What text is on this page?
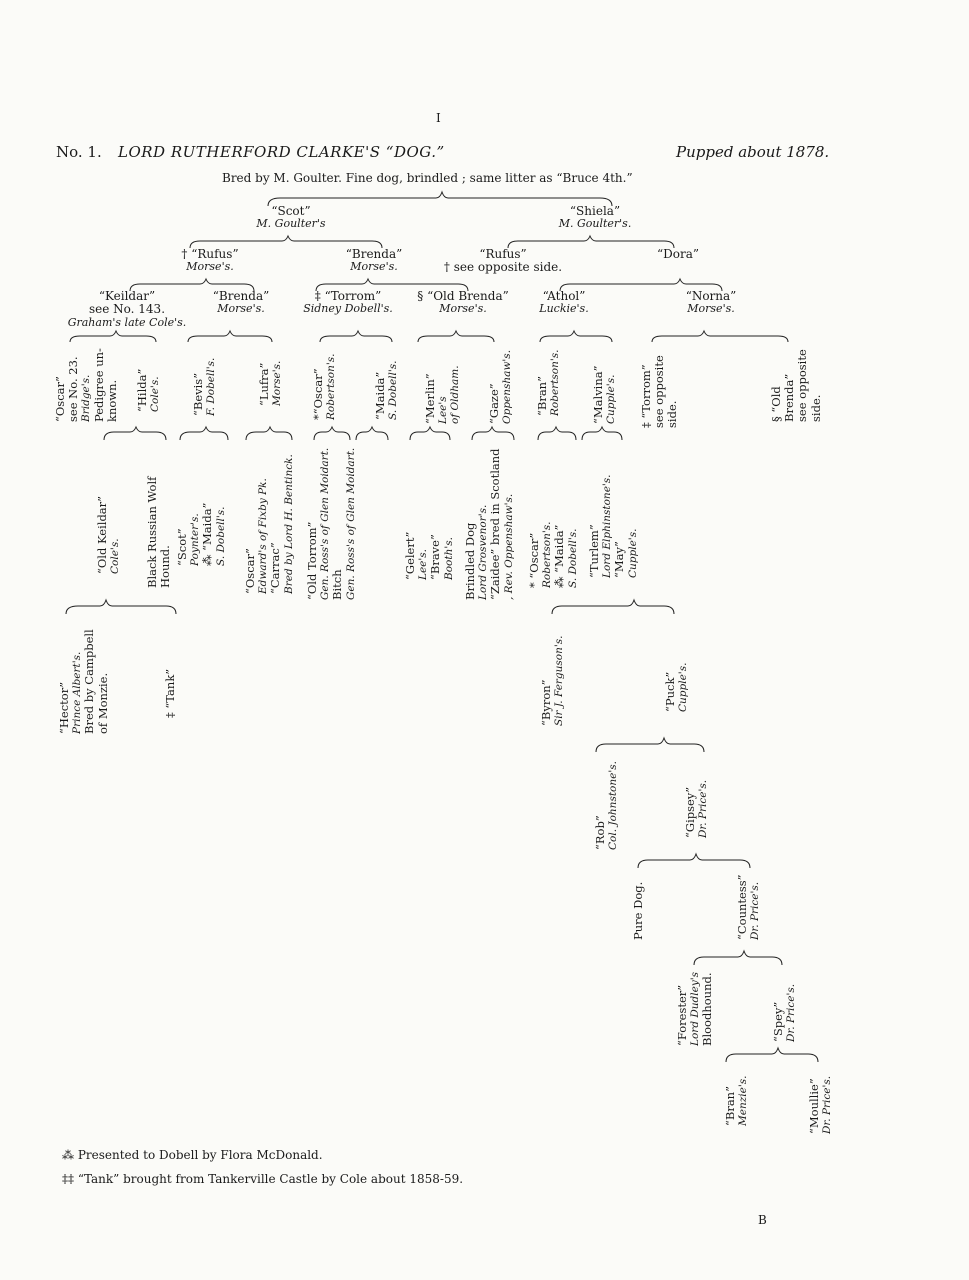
I
No. 1. LORD RUTHERFORD CLARKE'S “DOG.”	Pupped about 1878.
Bred by M. Goulter. Fine dog, brindled ; same litter as “Bruce 4th.”
“Scot”
M. Goulter's
“Shiela”
M. Goulter's.
† “Rufus”
Morse's.
“Brenda”
Morse's.
“Rufus”
† see opposite side.
“Dora”
“Keildar”
see No. 143.
Graham's late Cole's.
“Brenda”
Morse's.
‡ “Torrom”
Sidney Dobell's.
§ “Old Brenda”
Morse's.
“Athol”
Luckie's.
“Norna”
Morse's.
“Oscar” see No. 23. Bridge's. Pedigree un- known. “Hilda” Cole's.	“Bevis” F. Dobell's.	“Lufra” Morse's. *“Oscar” Robertson's.	“Maida” S. Dobell's. “Merlin” Lee's of Oldham. “Gaze” Oppenshaw's. “Bran” Robertson's.	“Malvina” Cupple's. ‡ “Torrom” see opposite side.	§ “Old Brenda” see opposite side.
“Old Keildar” Cole's. Black Russian Wolf Hound. “Scot” Poynter's. ⁂ “Maida” S. Dobell's.
“Oscar” Edward's of Fixby Pk. “Carrac” Bred by Lord H. Bentinck. “Old Torrom” Gen. Ross's of Glen Moidart. Bitch Gen. Ross's of Glen Moidart.	“Gelert” Lee's. “Brave” Booth's. Brindled Dog Lord Grosvenor's. “Zaidee” bred in Scotland , Rev. Oppenshaw's. * “Oscar” Robertson's. ⁂ “Maida” S. Dobell's. “Turlem” Lord Elphinstone's. “May” Cupple's.
“Hector” Prince Albert's. Bred by Campbell of Monzie.	‡ “Tank”	“Byron” Sir J. Ferguson's.	“Puck” Cupple's.
“Rob” Col. Johnstone's.	“Gipsey” Dr. Price's.
Pure Dog.	“Countess” Dr. Price's.
“Forester” Lord Dudley's Bloodhound.	“Spey” Dr. Price's.
“Bran” Menzie's.	“Moullie” Dr. Price's.
⁂ Presented to Dobell by Flora McDonald.
‡‡ “Tank” brought from Tankerville Castle by Cole about 1858-59.
B
